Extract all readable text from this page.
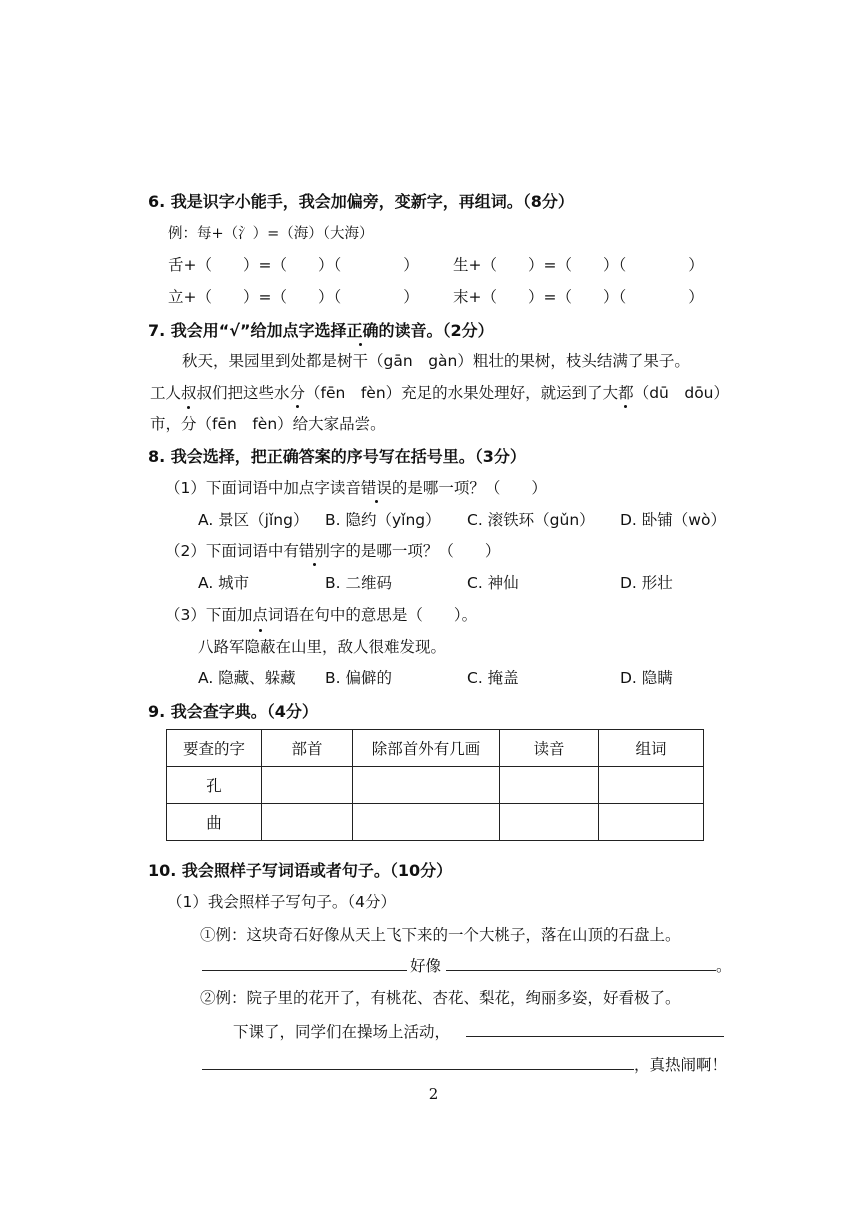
6. 我是识字小能手，我会加偏旁，变新字，再组词。（8分）
例：每+（氵）=（海）（大海）
舌+（　　）=（　　）（　　　　） 生+（　　）=（　　）（　　　　）
立+（　　）=（　　）（　　　　） 末+（　　）=（　　）（　　　　）
7. 我会用“√”给加点字选择正确的读音。（2分）
秋天，果园里到处都是树干（gān　gàn）粗壮的果树，枝头结满了果子。
工人叔叔们把这些水分（fēn　fèn）充足的水果处理好，就运到了大都（dū　dōu）
市，分（fēn　fèn）给大家品尝。
8. 我会选择，把正确答案的序号写在括号里。（3分）
（1）下面词语中加点字读音错误的是哪一项？（　　）
A. 景区（jǐng） B. 隐约（yǐng） C. 滚铁环（gǔn） D. 卧铺（wò）
（2）下面词语中有错别字的是哪一项？（　　）
A. 城市	B. 二维码	C. 神仙	D. 形壮
（3）下面加点词语在句中的意思是（　　）。
八路军隐蔽在山里，敌人很难发现。
A. 隐藏、躲藏 B. 偏僻的	C. 掩盖	D. 隐瞒
9. 我会查字典。（4分）
要查的字	部首	除部首外有几画	读音	组词
孔				
曲				
10. 我会照样子写词语或者句子。（10分）
（1）我会照样子写句子。（4分）
①例：这块奇石好像从天上飞下来的一个大桃子，落在山顶的石盘上。
好像	。
②例：院子里的花开了，有桃花、杏花、梨花，绚丽多姿，好看极了。
下课了，同学们在操场上活动，
，真热闹啊！
2
